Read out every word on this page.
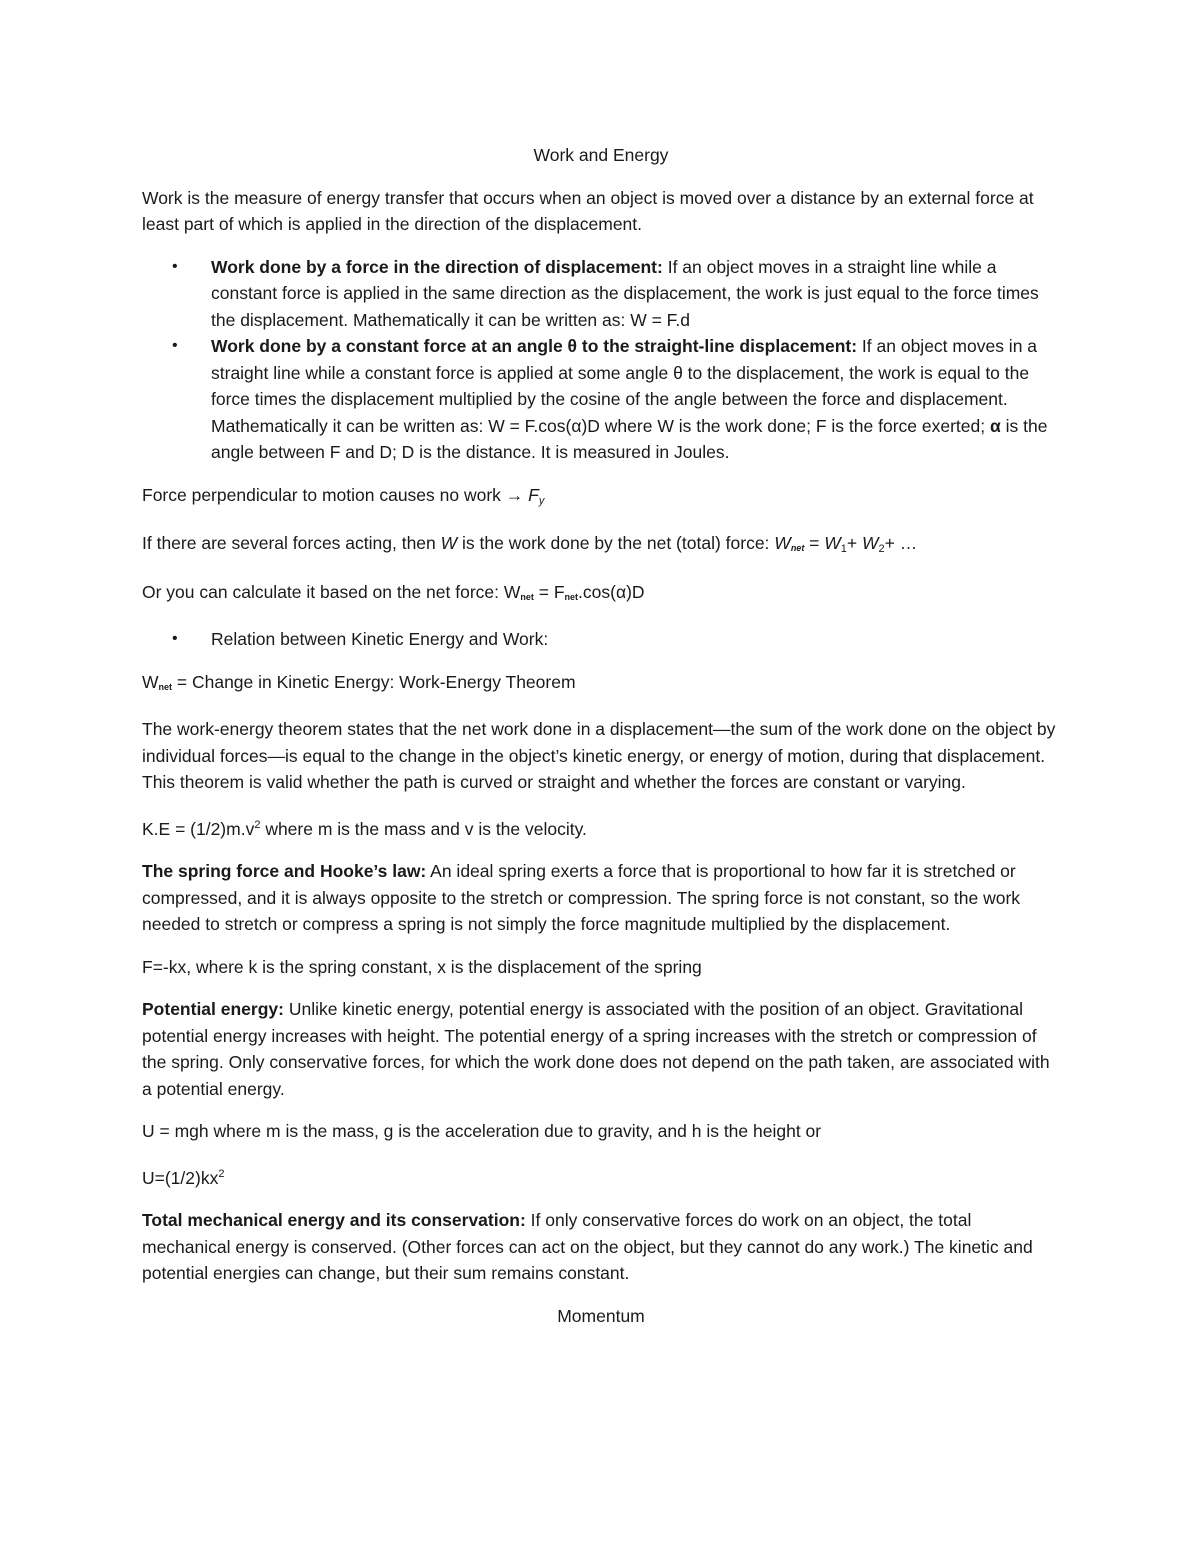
Work and Energy

Work is the measure of energy transfer that occurs when an object is moved over a distance by an external force at least part of which is applied in the direction of the displacement.

• Work done by a force in the direction of displacement: If an object moves in a straight line while a constant force is applied in the same direction as the displacement, the work is just equal to the force times the displacement. Mathematically it can be written as: W = F.d
• Work done by a constant force at an angle θ to the straight-line displacement: If an object moves in a straight line while a constant force is applied at some angle θ to the displacement, the work is equal to the force times the displacement multiplied by the cosine of the angle between the force and displacement. Mathematically it can be written as: W = F.cos(α)D where W is the work done; F is the force exerted; α is the angle between F and D; D is the distance. It is measured in Joules.

Force perpendicular to motion causes no work → $F_y$

If there are several forces acting, then W is the work done by the net (total) force: $W_{net} = W_1+ W_2+$ …

Or you can calculate it based on the net force: $W_{net} = F_{net}.\cos(\alpha)D$

• Relation between Kinetic Energy and Work:

$W_{net}$ = Change in Kinetic Energy: Work-Energy Theorem

The work-energy theorem states that the net work done in a displacement—the sum of the work done on the object by individual forces—is equal to the change in the object’s kinetic energy, or energy of motion, during that displacement. This theorem is valid whether the path is curved or straight and whether the forces are constant or varying.

$K.E = (1/2)m.v^2$ where m is the mass and v is the velocity.

The spring force and Hooke’s law: An ideal spring exerts a force that is proportional to how far it is stretched or compressed, and it is always opposite to the stretch or compression. The spring force is not constant, so the work needed to stretch or compress a spring is not simply the force magnitude multiplied by the displacement.

F=-kx, where k is the spring constant, x is the displacement of the spring

Potential energy: Unlike kinetic energy, potential energy is associated with the position of an object. Gravitational potential energy increases with height. The potential energy of a spring increases with the stretch or compression of the spring. Only conservative forces, for which the work done does not depend on the path taken, are associated with a potential energy.

U = mgh where m is the mass, g is the acceleration due to gravity, and h is the height or

$U=(1/2)kx^2$

Total mechanical energy and its conservation: If only conservative forces do work on an object, the total mechanical energy is conserved. (Other forces can act on the object, but they cannot do any work.) The kinetic and potential energies can change, but their sum remains constant.

Momentum
